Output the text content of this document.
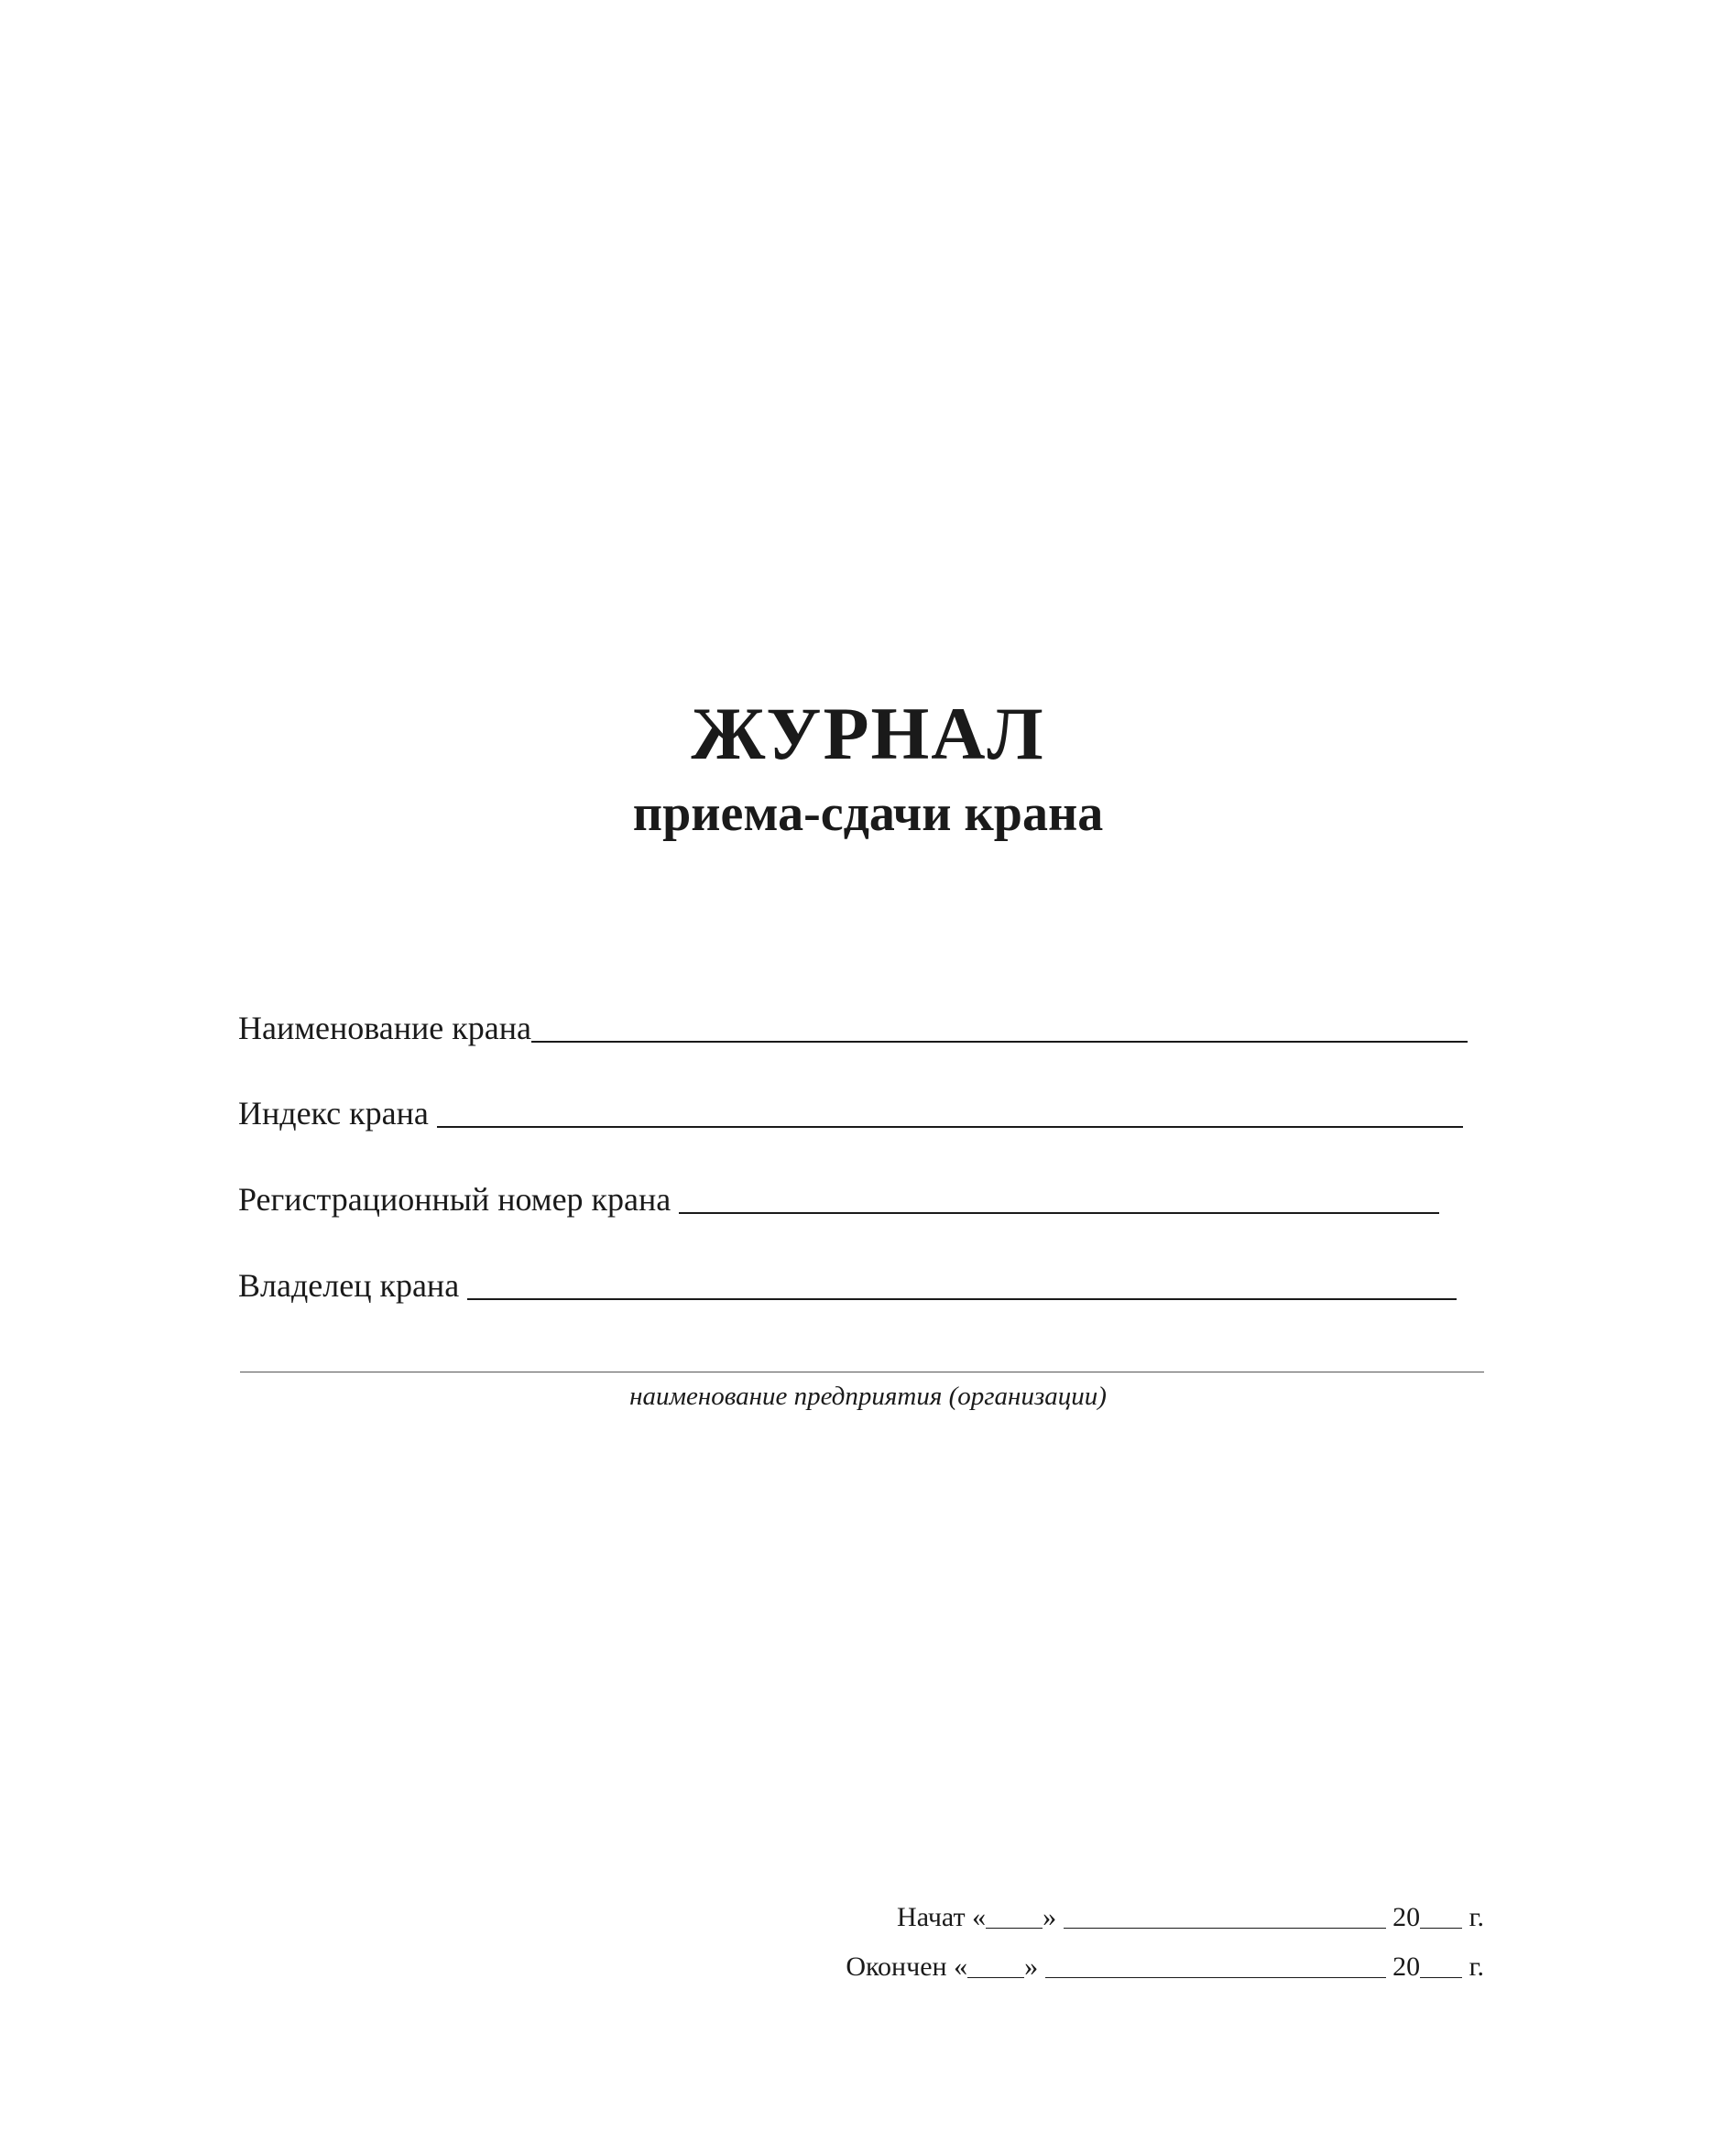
ЖУРНАЛ
приема-сдачи крана
Наименование крана
Индекс крана
Регистрационный номер крана
Владелец крана
наименование предприятия (организации)
Начат « »

	20
г.
Окончен « »

	20
г.
